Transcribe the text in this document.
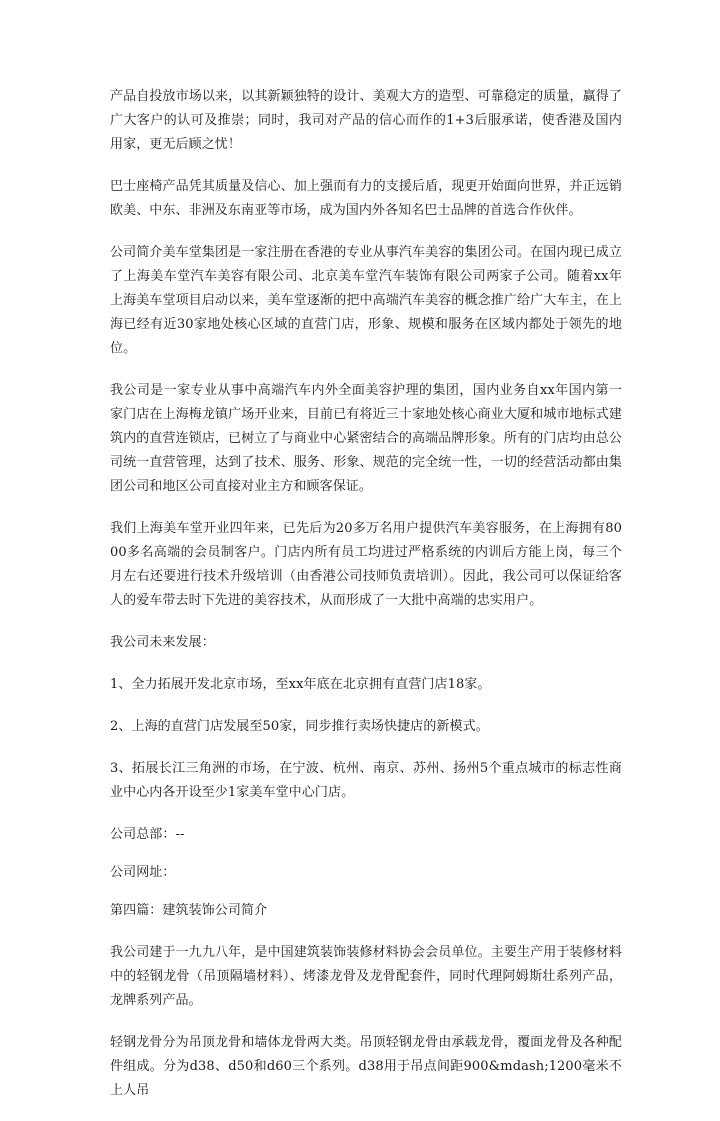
产品自投放市场以来，以其新颖独特的设计、美观大方的造型、可靠稳定的质量，赢得了广大客户的认可及推崇；同时，我司对产品的信心而作的1+3后服承诺，使香港及国内用家，更无后顾之忧！

巴士座椅产品凭其质量及信心、加上强而有力的支援后盾，现更开始面向世界，并正远销欧美、中东、非洲及东南亚等市场，成为国内外各知名巴士品牌的首选合作伙伴。

公司简介美车堂集团是一家注册在香港的专业从事汽车美容的集团公司。在国内现已成立了上海美车堂汽车美容有限公司、北京美车堂汽车装饰有限公司两家子公司。随着xx年上海美车堂项目启动以来，美车堂逐渐的把中高端汽车美容的概念推广给广大车主，在上海已经有近30家地处核心区域的直营门店，形象、规模和服务在区域内都处于领先的地位。

我公司是一家专业从事中高端汽车内外全面美容护理的集团，国内业务自xx年国内第一家门店在上海梅龙镇广场开业来，目前已有将近三十家地处核心商业大厦和城市地标式建筑内的直营连锁店，已树立了与商业中心紧密结合的高端品牌形象。所有的门店均由总公司统一直营管理，达到了技术、服务、形象、规范的完全统一性，一切的经营活动都由集团公司和地区公司直接对业主方和顾客保证。

我们上海美车堂开业四年来，已先后为20多万名用户提供汽车美容服务，在上海拥有8000多名高端的会员制客户。门店内所有员工均进过严格系统的内训后方能上岗，每三个月左右还要进行技术升级培训（由香港公司技师负责培训）。因此，我公司可以保证给客人的爱车带去时下先进的美容技术，从而形成了一大批中高端的忠实用户。

我公司未来发展：

1、全力拓展开发北京市场，至xx年底在北京拥有直营门店18家。

2、上海的直营门店发展至50家，同步推行卖场快捷店的新模式。

3、拓展长江三角洲的市场，在宁波、杭州、南京、苏州、扬州5个重点城市的标志性商业中心内各开设至少1家美车堂中心门店。

公司总部：--

公司网址：

第四篇：建筑装饰公司简介

我公司建于一九九八年，是中国建筑装饰装修材料协会会员单位。主要生产用于装修材料中的轻钢龙骨（吊顶隔墙材料）、烤漆龙骨及龙骨配套件，同时代理阿姆斯壮系列产品，龙牌系列产品。

轻钢龙骨分为吊顶龙骨和墙体龙骨两大类。吊顶轻钢龙骨由承载龙骨，覆面龙骨及各种配件组成。分为d38、d50和d60三个系列。d38用于吊点间距900&mdash;1200毫米不上人吊
